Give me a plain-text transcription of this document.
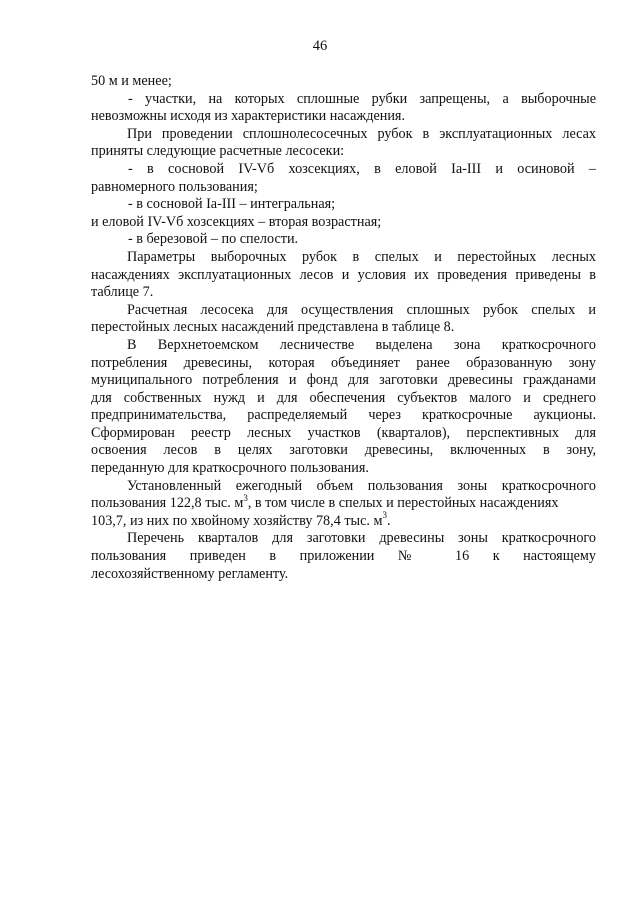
46
50 м и менее;
- участки, на которых сплошные рубки запрещены, а выборочные
невозможны исходя из характеристики насаждения.
При проведении сплошнолесосечных рубок в эксплуатационных лесах
приняты следующие расчетные лесосеки:
- в сосновой IV-Vб хозсекциях, в еловой Iа-III и осиновой –
равномерного пользования;
- в сосновой Iа-III – интегральная;
и еловой IV-Vб хозсекциях – вторая возрастная;
- в березовой – по спелости.
Параметры выборочных рубок в спелых и перестойных лесных
насаждениях эксплуатационных лесов и условия их проведения приведены в
таблице 7.
Расчетная лесосека для осуществления сплошных рубок спелых и
перестойных лесных насаждений представлена в таблице 8.
В Верхнетоемском лесничестве выделена зона краткосрочного
потребления древесины, которая объединяет ранее образованную зону
муниципального потребления и фонд для заготовки древесины гражданами
для собственных нужд и для обеспечения субъектов малого и среднего
предпринимательства, распределяемый через краткосрочные аукционы.
Сформирован реестр лесных участков (кварталов), перспективных для
освоения лесов в целях заготовки древесины, включенных в зону,
переданную для краткосрочного пользования.
Установленный ежегодный объем пользования зоны краткосрочного
пользования 122,8 тыс. $м^3$, в том числе в спелых и перестойных насаждениях
103,7, из них по хвойному хозяйству 78,4 тыс. $м^3$.
Перечень кварталов для заготовки древесины зоны краткосрочного
пользования приведен в приложении № 16 к настоящему
лесохозяйственному регламенту.
